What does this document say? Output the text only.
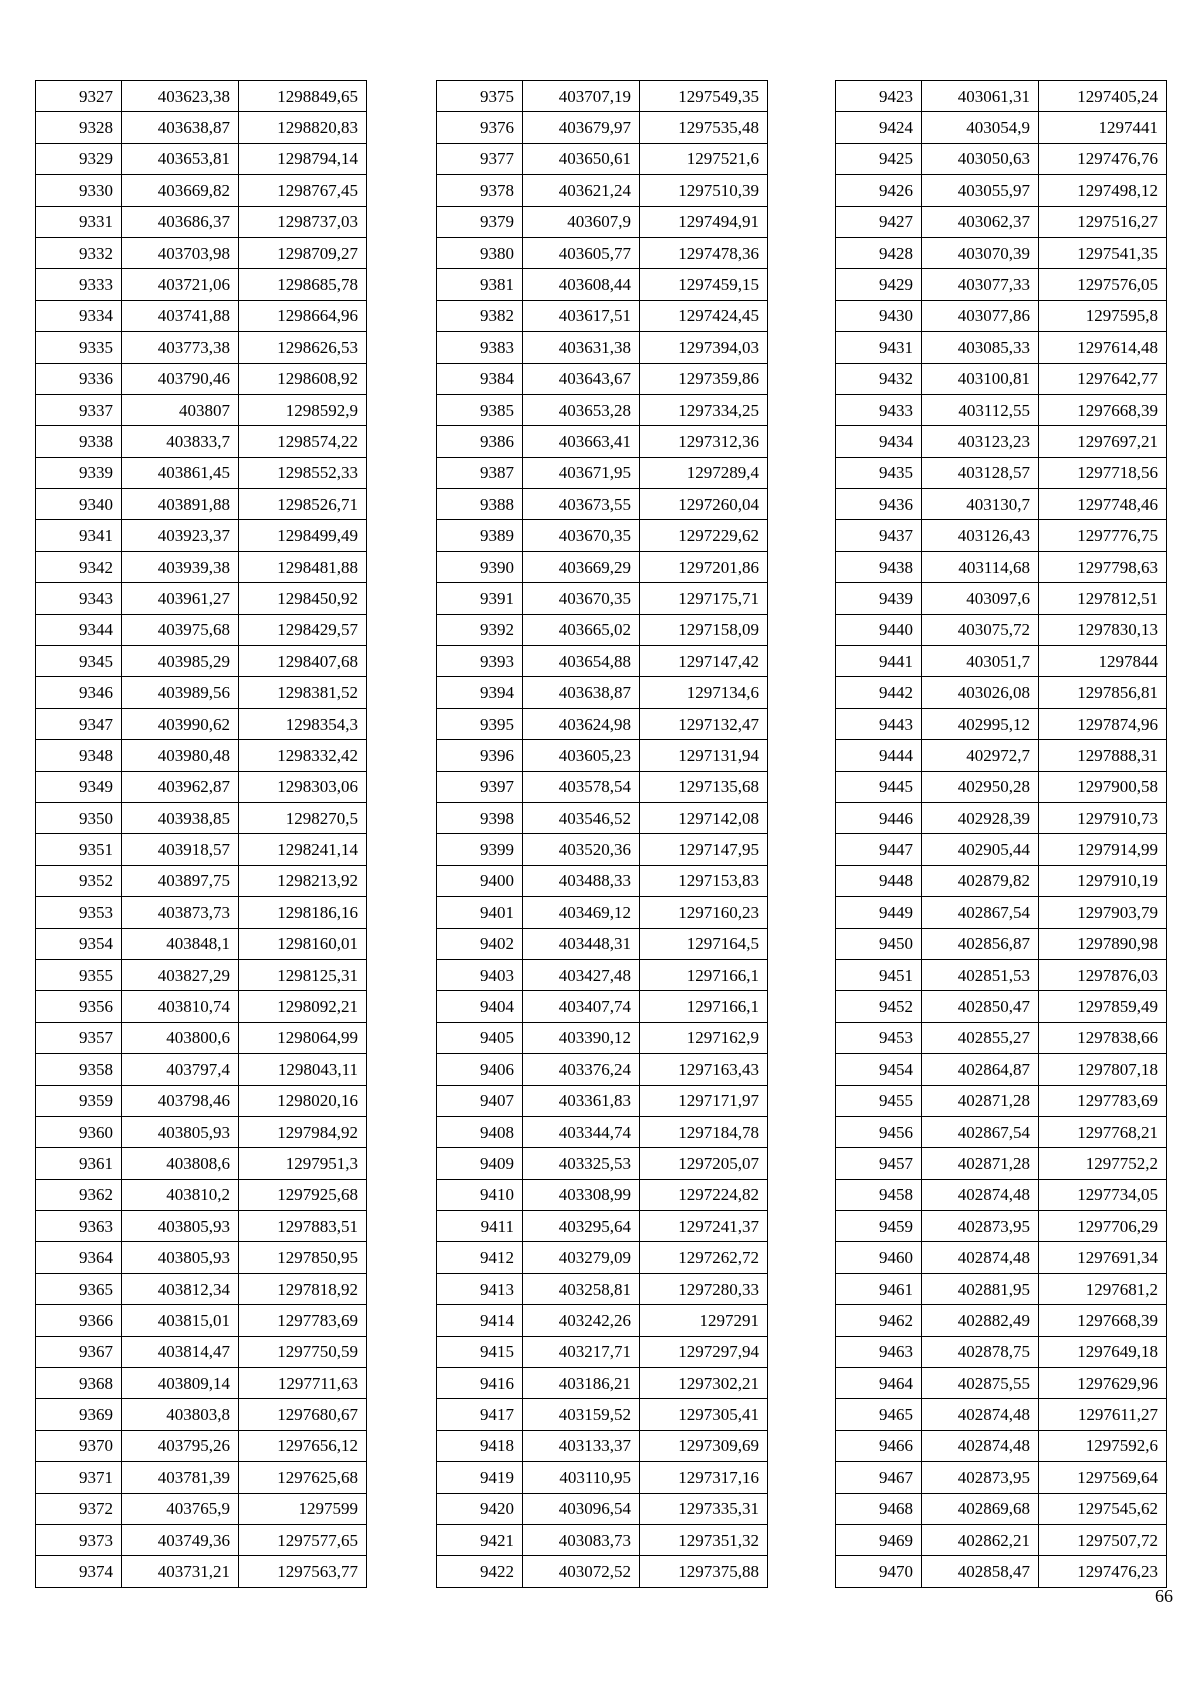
9327	403623,38	1298849,65
9328	403638,87	1298820,83
9329	403653,81	1298794,14
9330	403669,82	1298767,45
9331	403686,37	1298737,03
9332	403703,98	1298709,27
9333	403721,06	1298685,78
9334	403741,88	1298664,96
9335	403773,38	1298626,53
9336	403790,46	1298608,92
9337	403807	1298592,9
9338	403833,7	1298574,22
9339	403861,45	1298552,33
9340	403891,88	1298526,71
9341	403923,37	1298499,49
9342	403939,38	1298481,88
9343	403961,27	1298450,92
9344	403975,68	1298429,57
9345	403985,29	1298407,68
9346	403989,56	1298381,52
9347	403990,62	1298354,3
9348	403980,48	1298332,42
9349	403962,87	1298303,06
9350	403938,85	1298270,5
9351	403918,57	1298241,14
9352	403897,75	1298213,92
9353	403873,73	1298186,16
9354	403848,1	1298160,01
9355	403827,29	1298125,31
9356	403810,74	1298092,21
9357	403800,6	1298064,99
9358	403797,4	1298043,11
9359	403798,46	1298020,16
9360	403805,93	1297984,92
9361	403808,6	1297951,3
9362	403810,2	1297925,68
9363	403805,93	1297883,51
9364	403805,93	1297850,95
9365	403812,34	1297818,92
9366	403815,01	1297783,69
9367	403814,47	1297750,59
9368	403809,14	1297711,63
9369	403803,8	1297680,67
9370	403795,26	1297656,12
9371	403781,39	1297625,68
9372	403765,9	1297599
9373	403749,36	1297577,65
9374	403731,21	1297563,77
9375	403707,19	1297549,35
9376	403679,97	1297535,48
9377	403650,61	1297521,6
9378	403621,24	1297510,39
9379	403607,9	1297494,91
9380	403605,77	1297478,36
9381	403608,44	1297459,15
9382	403617,51	1297424,45
9383	403631,38	1297394,03
9384	403643,67	1297359,86
9385	403653,28	1297334,25
9386	403663,41	1297312,36
9387	403671,95	1297289,4
9388	403673,55	1297260,04
9389	403670,35	1297229,62
9390	403669,29	1297201,86
9391	403670,35	1297175,71
9392	403665,02	1297158,09
9393	403654,88	1297147,42
9394	403638,87	1297134,6
9395	403624,98	1297132,47
9396	403605,23	1297131,94
9397	403578,54	1297135,68
9398	403546,52	1297142,08
9399	403520,36	1297147,95
9400	403488,33	1297153,83
9401	403469,12	1297160,23
9402	403448,31	1297164,5
9403	403427,48	1297166,1
9404	403407,74	1297166,1
9405	403390,12	1297162,9
9406	403376,24	1297163,43
9407	403361,83	1297171,97
9408	403344,74	1297184,78
9409	403325,53	1297205,07
9410	403308,99	1297224,82
9411	403295,64	1297241,37
9412	403279,09	1297262,72
9413	403258,81	1297280,33
9414	403242,26	1297291
9415	403217,71	1297297,94
9416	403186,21	1297302,21
9417	403159,52	1297305,41
9418	403133,37	1297309,69
9419	403110,95	1297317,16
9420	403096,54	1297335,31
9421	403083,73	1297351,32
9422	403072,52	1297375,88
9423	403061,31	1297405,24
9424	403054,9	1297441
9425	403050,63	1297476,76
9426	403055,97	1297498,12
9427	403062,37	1297516,27
9428	403070,39	1297541,35
9429	403077,33	1297576,05
9430	403077,86	1297595,8
9431	403085,33	1297614,48
9432	403100,81	1297642,77
9433	403112,55	1297668,39
9434	403123,23	1297697,21
9435	403128,57	1297718,56
9436	403130,7	1297748,46
9437	403126,43	1297776,75
9438	403114,68	1297798,63
9439	403097,6	1297812,51
9440	403075,72	1297830,13
9441	403051,7	1297844
9442	403026,08	1297856,81
9443	402995,12	1297874,96
9444	402972,7	1297888,31
9445	402950,28	1297900,58
9446	402928,39	1297910,73
9447	402905,44	1297914,99
9448	402879,82	1297910,19
9449	402867,54	1297903,79
9450	402856,87	1297890,98
9451	402851,53	1297876,03
9452	402850,47	1297859,49
9453	402855,27	1297838,66
9454	402864,87	1297807,18
9455	402871,28	1297783,69
9456	402867,54	1297768,21
9457	402871,28	1297752,2
9458	402874,48	1297734,05
9459	402873,95	1297706,29
9460	402874,48	1297691,34
9461	402881,95	1297681,2
9462	402882,49	1297668,39
9463	402878,75	1297649,18
9464	402875,55	1297629,96
9465	402874,48	1297611,27
9466	402874,48	1297592,6
9467	402873,95	1297569,64
9468	402869,68	1297545,62
9469	402862,21	1297507,72
9470	402858,47	1297476,23
66
